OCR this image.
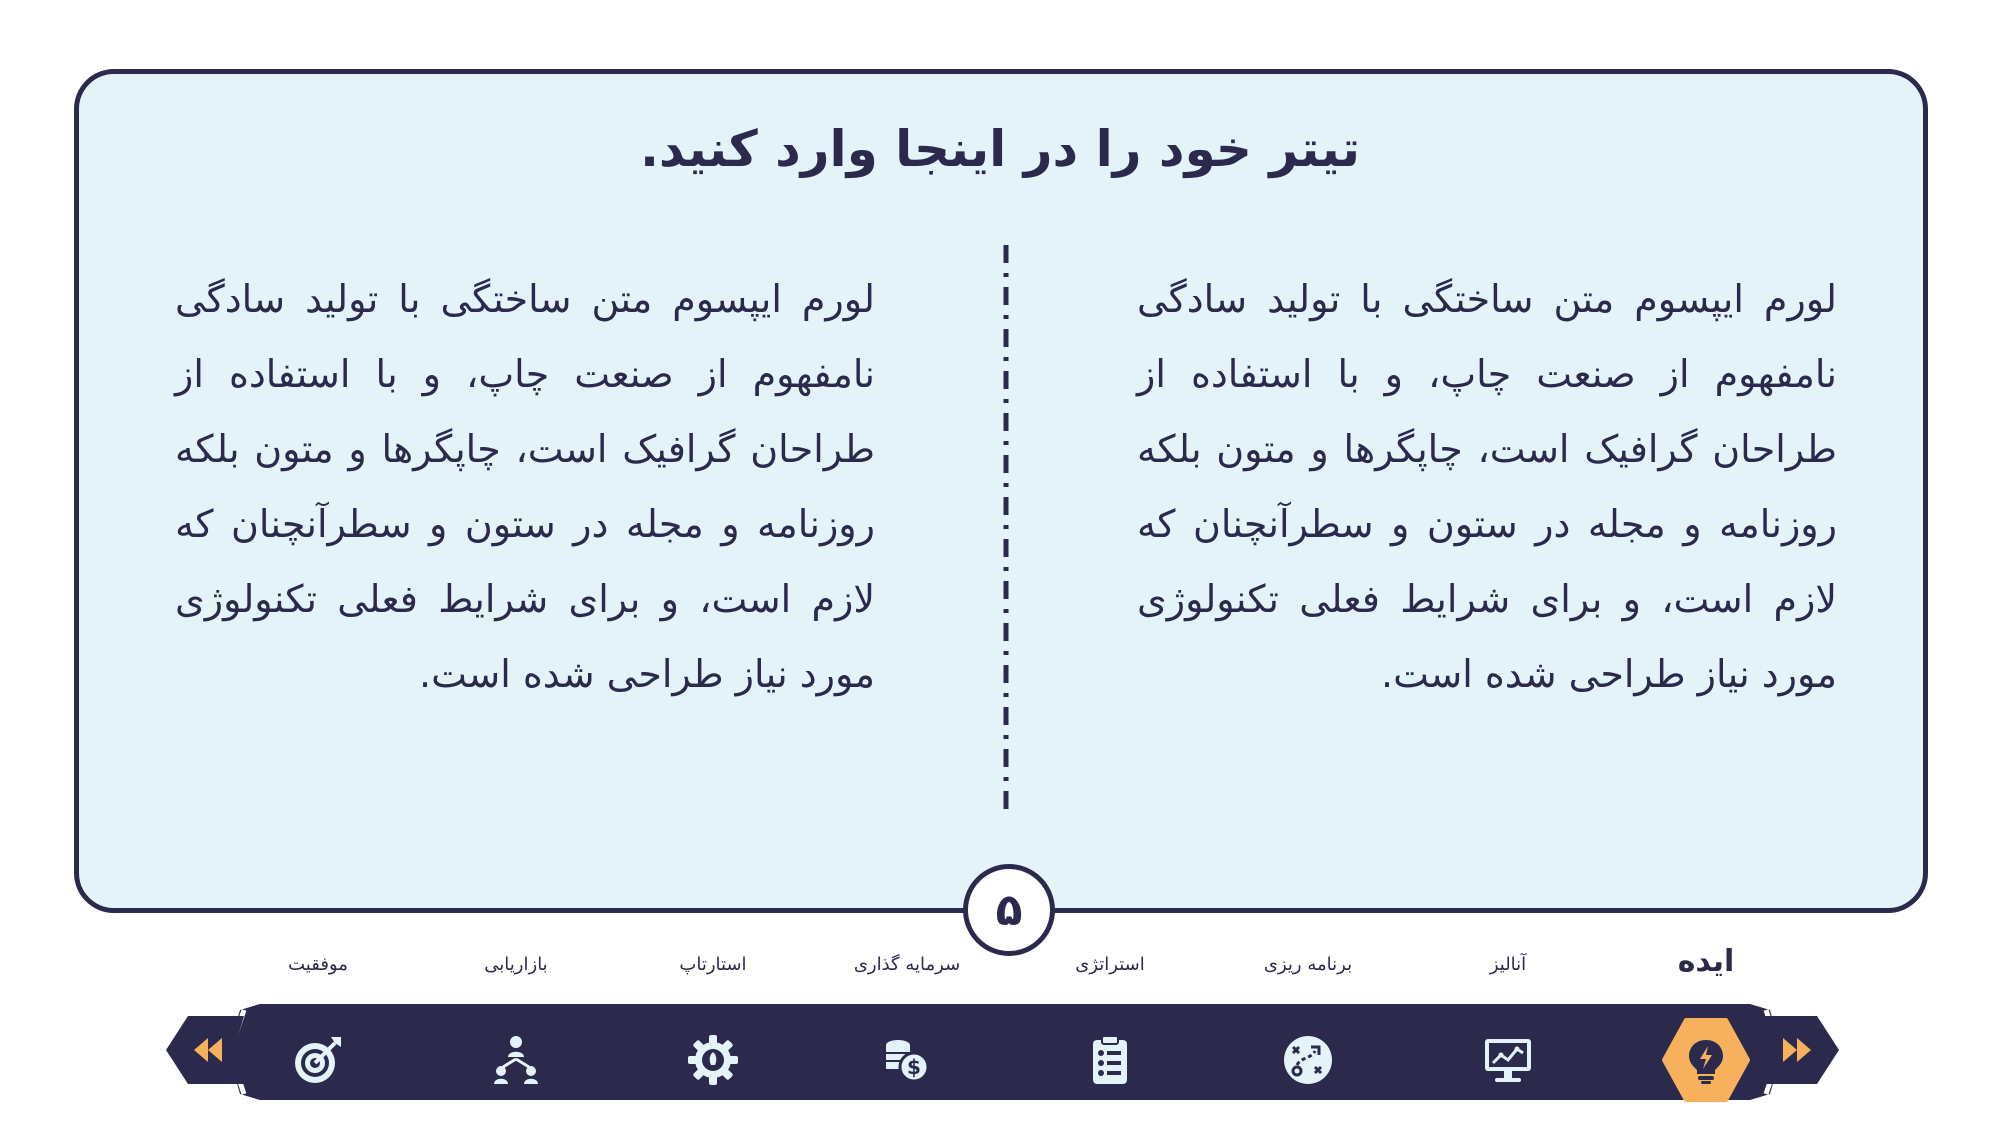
تیتر خود را در اینجا وارد کنید.
لورم ایپسوم متن ساختگی با تولید سادگی نامفهوم از صنعت چاپ، و با استفاده از طراحان گرافیک است، چاپگرها و متون بلکه روزنامه و مجله در ستون و سطرآنچنان که لازم است، و برای شرایط فعلی تکنولوژی مورد نیاز طراحی شده است.
لورم ایپسوم متن ساختگی با تولید سادگی نامفهوم از صنعت چاپ، و با استفاده از طراحان گرافیک است، چاپگرها و متون بلکه روزنامه و مجله در ستون و سطرآنچنان که لازم است، و برای شرایط فعلی تکنولوژی مورد نیاز طراحی شده است.
۵
ایده
آنالیز
برنامه ریزی
استراتژی
سرمایه گذاری
استارتاپ
بازاریابی
موفقیت
$
